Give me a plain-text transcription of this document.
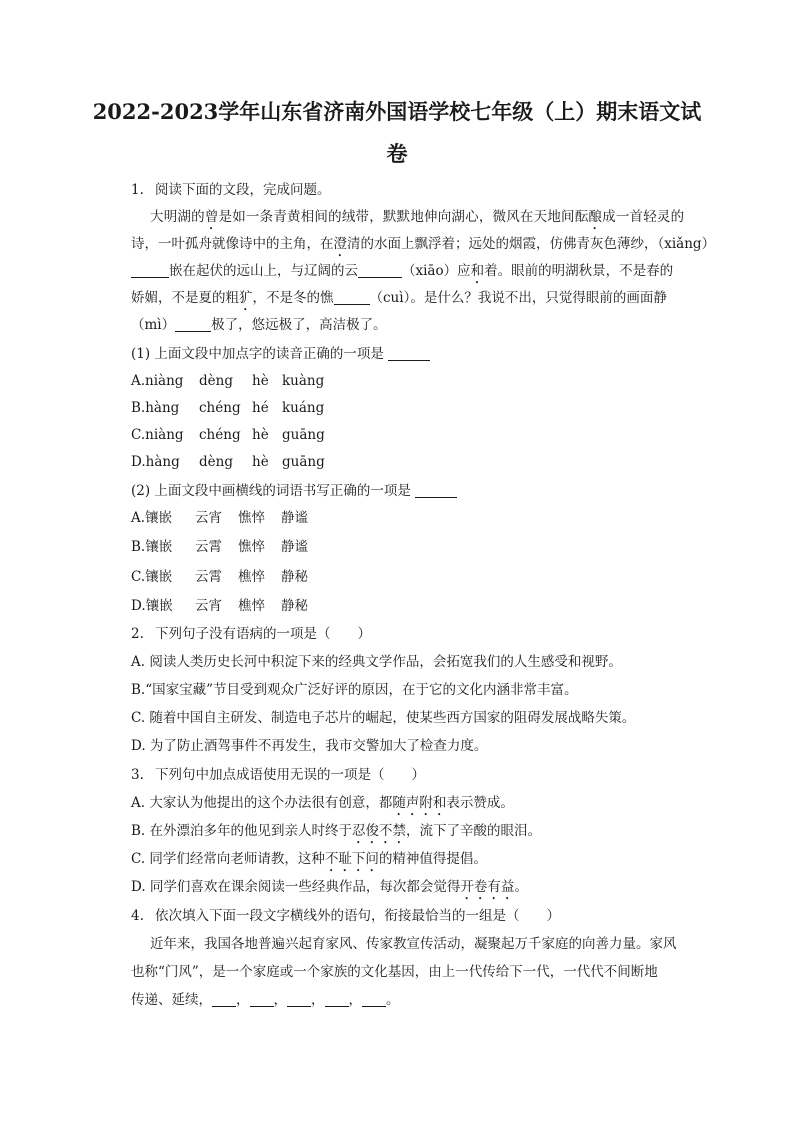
2022-2023学年山东省济南外国语学校七年级（上）期末语文试
卷
1. 阅读下面的文段，完成问题。
大明湖的曾是如一条青黄相间的绒带，默默地伸向湖心，微风在天地间酝酿成一首轻灵的
诗，一叶孤舟就像诗中的主角，在澄清的水面上飘浮着；远处的烟霞，仿佛青灰色薄纱，（xiǎng）
嵌在起伏的远山上，与辽阔的云	（xiāo）应和着。眼前的明湖秋景，不是春的
娇媚，不是夏的粗犷，不是冬的憔	（cuì）。是什么？我说不出，只觉得眼前的画面静
（mì）	极了，悠远极了，高洁极了。
(1) 上面文段中加点字的读音正确的一项是
A.niàng dèng hè kuàng
B.hàng chéng hé kuáng
C.niàng chéng hè guāng
D.hàng dèng hè guāng
(2) 上面文段中画横线的词语书写正确的一项是
A.镶嵌 云宵 憔悴 静谧
B.镶嵌 云霄 憔悴 静谧
C.镶嵌 云霄 樵悴 静秘
D.镶嵌 云宵 樵悴 静秘
2. 下列句子没有语病的一项是（　　）
A. 阅读人类历史长河中积淀下来的经典文学作品，会拓宽我们的人生感受和视野。
B.“国家宝藏”节目受到观众广泛好评的原因，在于它的文化内涵非常丰富。
C. 随着中国自主研发、制造电子芯片的崛起，使某些西方国家的阻碍发展战略失策。
D. 为了防止酒驾事件不再发生，我市交警加大了检查力度。
3. 下列句中加点成语使用无误的一项是（　　）
A. 大家认为他提出的这个办法很有创意，都随声附和表示赞成。
B. 在外漂泊多年的他见到亲人时终于忍俊不禁，流下了辛酸的眼泪。
C. 同学们经常向老师请教，这种不耻下问的精神值得提倡。
D. 同学们喜欢在课余阅读一些经典作品，每次都会觉得开卷有益。
4. 依次填入下面一段文字横线外的语句，衔接最恰当的一组是（　　）
近年来，我国各地普遍兴起育家风、传家教宣传活动，凝聚起万千家庭的向善力量。家风
也称“门风”，是一个家庭或一个家族的文化基因，由上一代传给下一代，一代代不间断地
传递、延续， ， ， ， ， 。
